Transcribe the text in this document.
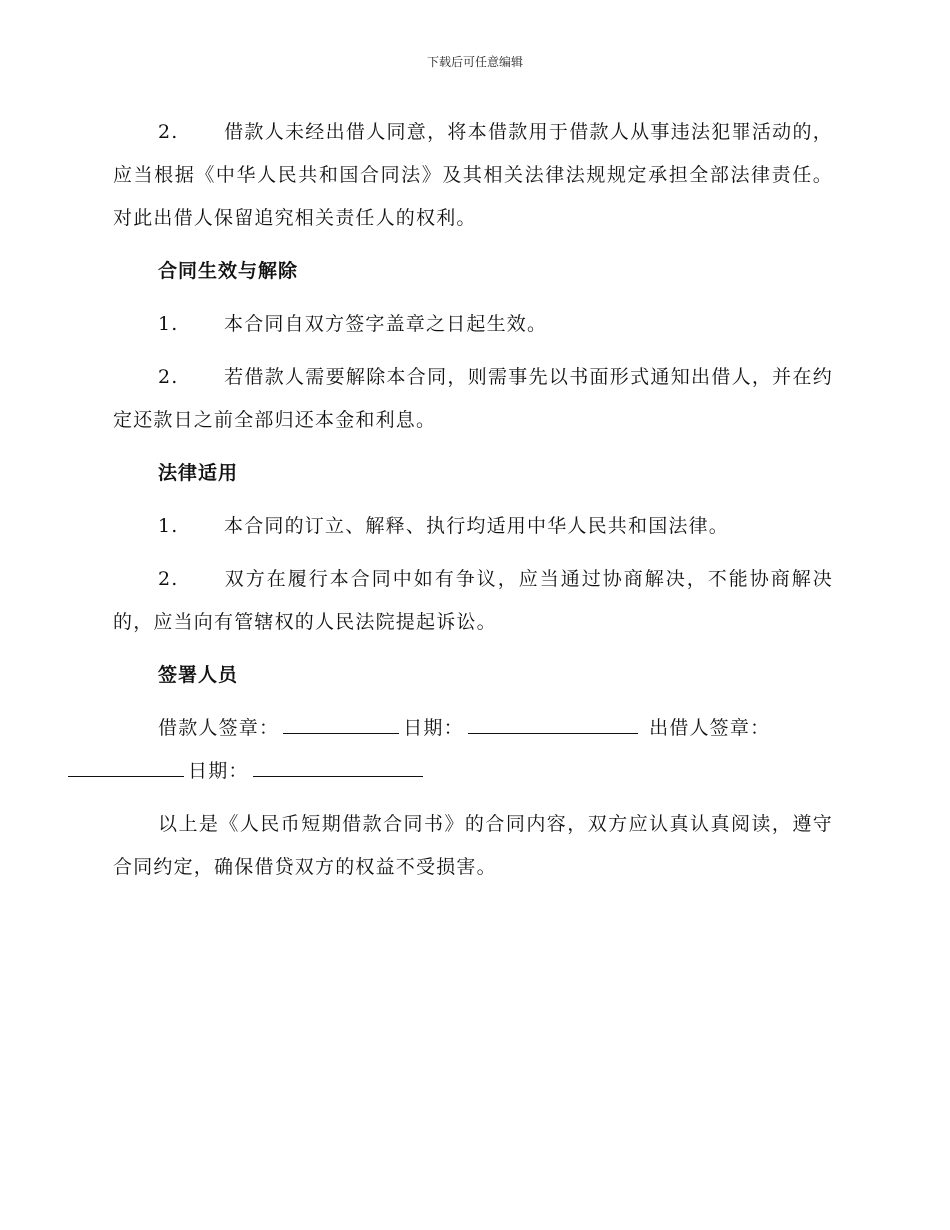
下载后可任意编辑

2. 借款人未经出借人同意，将本借款用于借款人从事违法犯罪活动的，应当根据《中华人民共和国合同法》及其相关法律法规规定承担全部法律责任。对此出借人保留追究相关责任人的权利。

合同生效与解除

1. 本合同自双方签字盖章之日起生效。

2. 若借款人需要解除本合同，则需事先以书面形式通知出借人，并在约定还款日之前全部归还本金和利息。

法律适用

1. 本合同的订立、解释、执行均适用中华人民共和国法律。

2. 双方在履行本合同中如有争议，应当通过协商解决，不能协商解决的，应当向有管辖权的人民法院提起诉讼。

签署人员

借款人签章：	日期：	出借人签章：
日期：

以上是《人民币短期借款合同书》的合同内容，双方应认真认真阅读，遵守合同约定，确保借贷双方的权益不受损害。
